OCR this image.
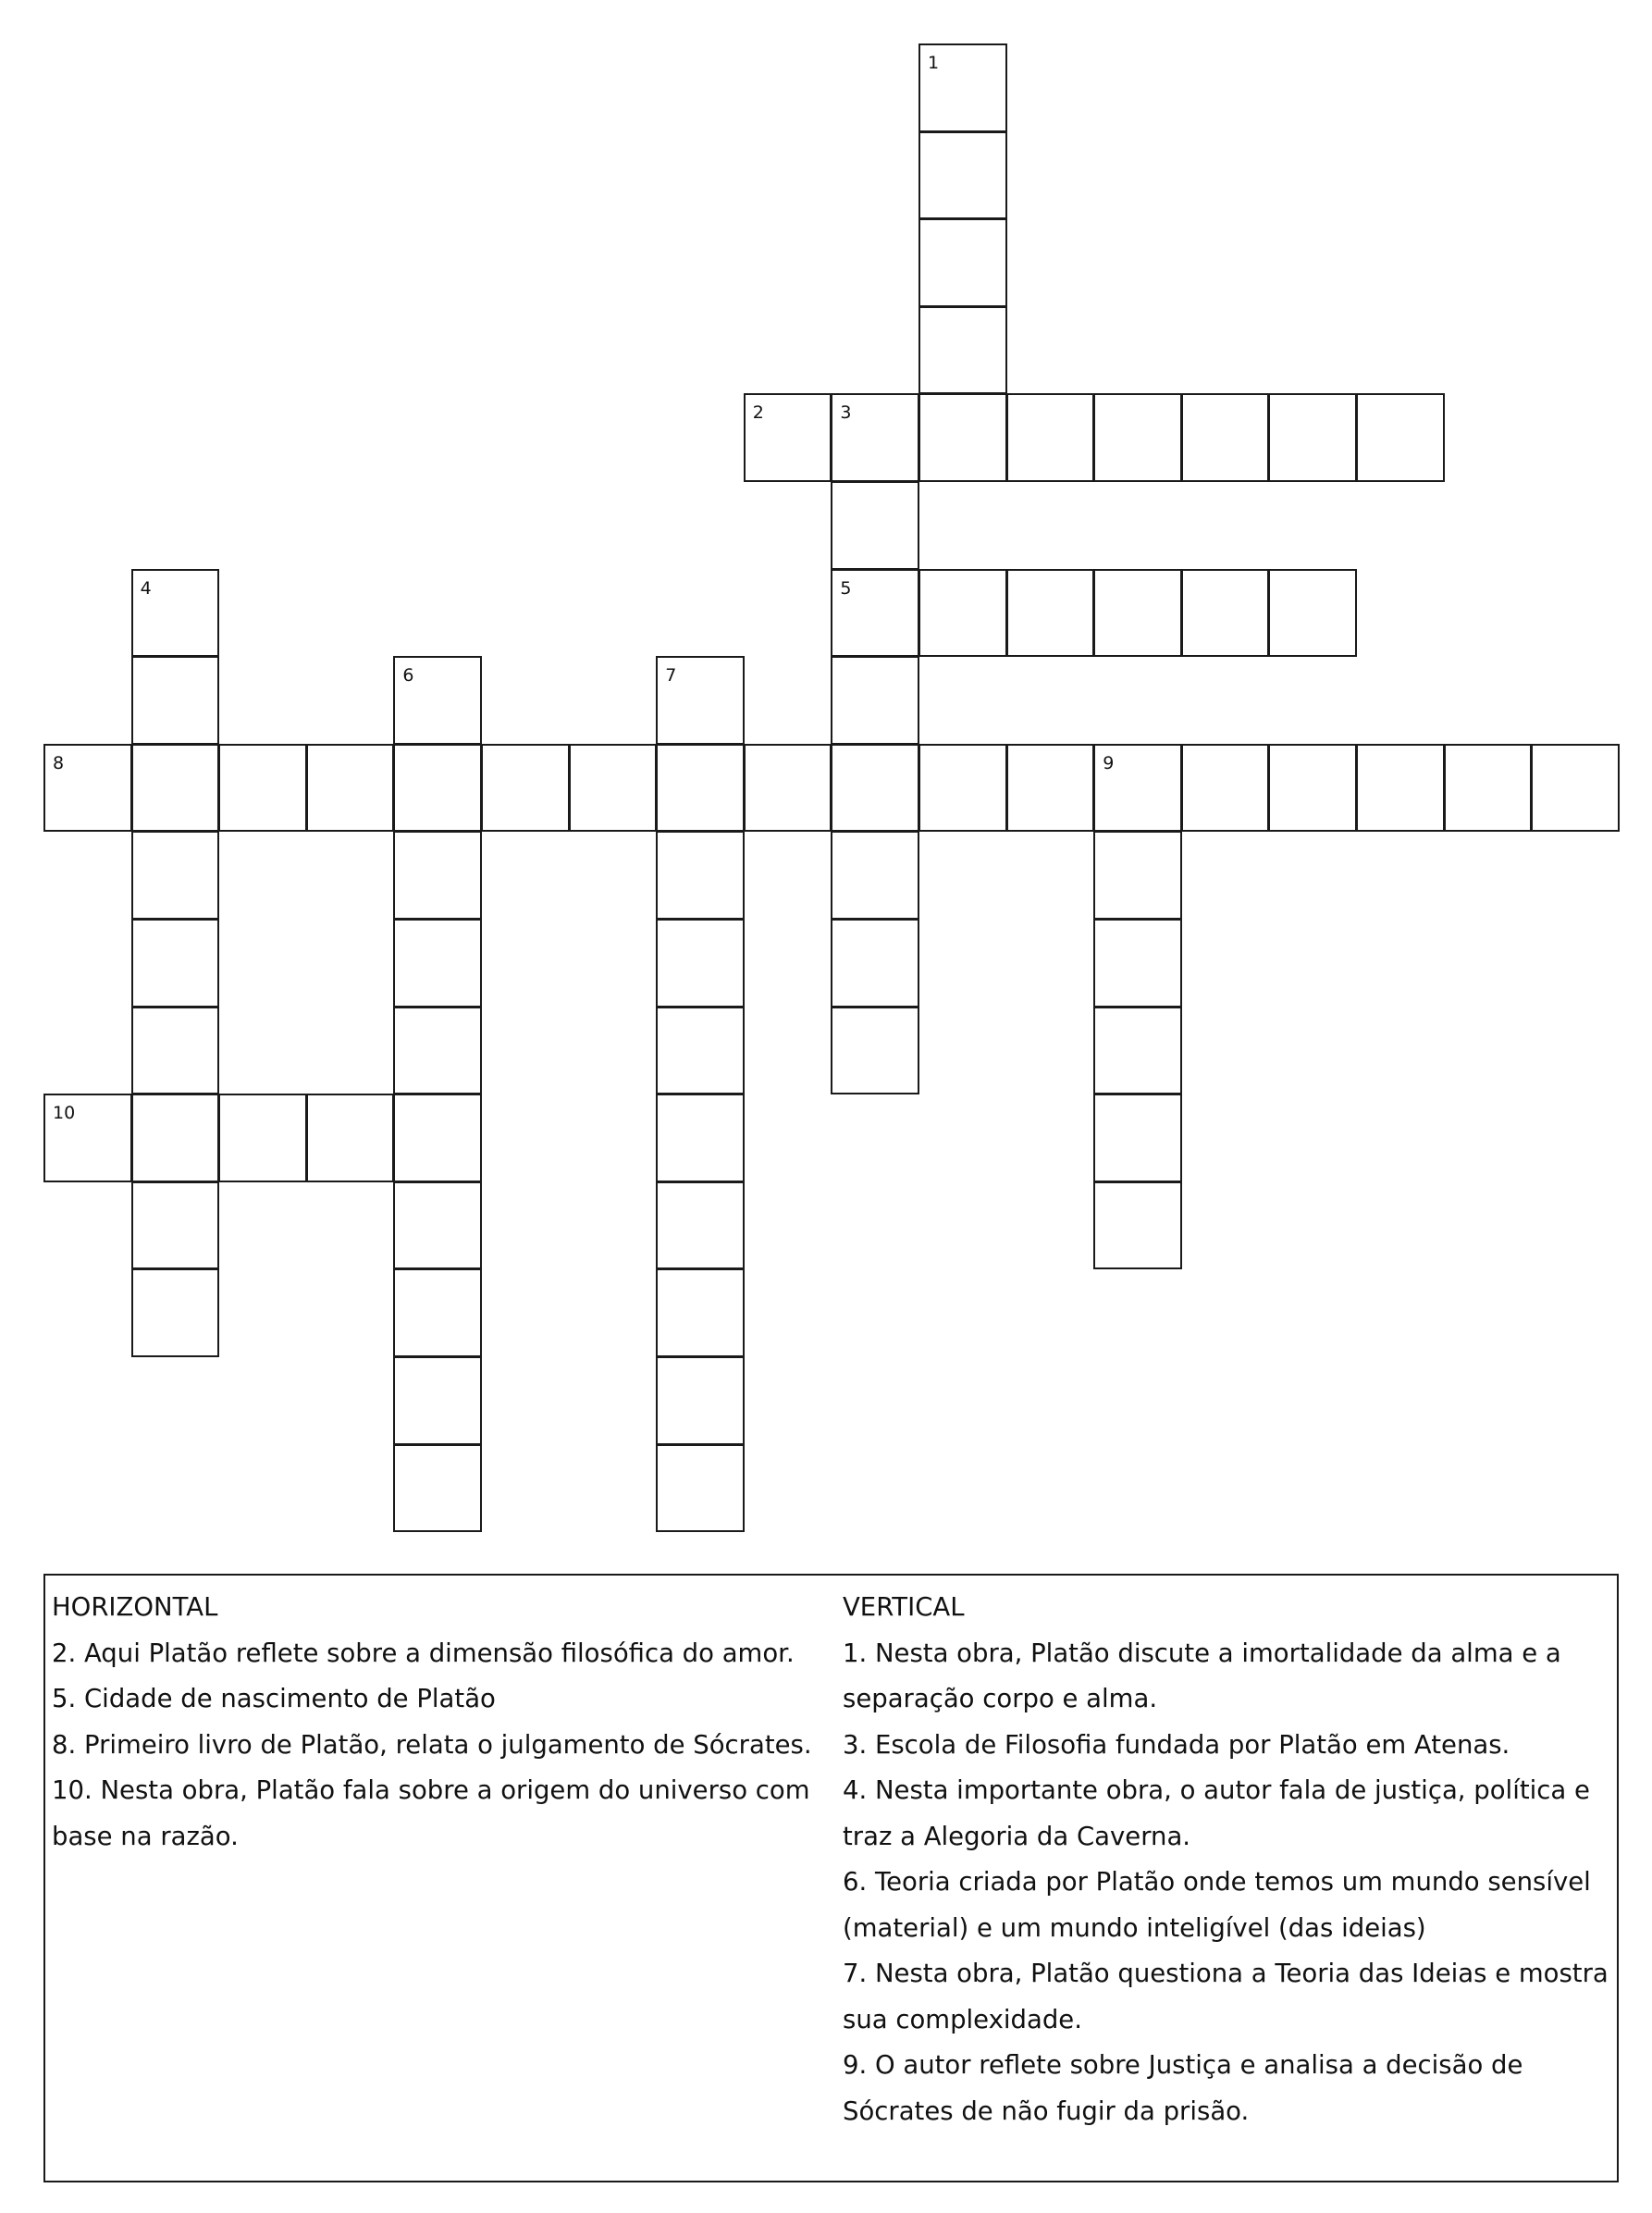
1
2	3
5
4
6	7
8	9
10

HORIZONTAL

2. Aqui Platão reflete sobre a dimensão filosófica do amor.

5. Cidade de nascimento de Platão

8. Primeiro livro de Platão, relata o julgamento de Sócrates.

10. Nesta obra, Platão fala sobre a origem do universo com base na razão.

VERTICAL

1. Nesta obra, Platão discute a imortalidade da alma e a separação corpo e alma.

3. Escola de Filosofia fundada por Platão em Atenas.

4. Nesta importante obra, o autor fala de justiça, política e traz a Alegoria da Caverna.

6. Teoria criada por Platão onde temos um mundo sensível (material) e um mundo inteligível (das ideias)

7. Nesta obra, Platão questiona a Teoria das Ideias e mostra sua complexidade.

9. O autor reflete sobre Justiça e analisa a decisão de Sócrates de não fugir da prisão.
